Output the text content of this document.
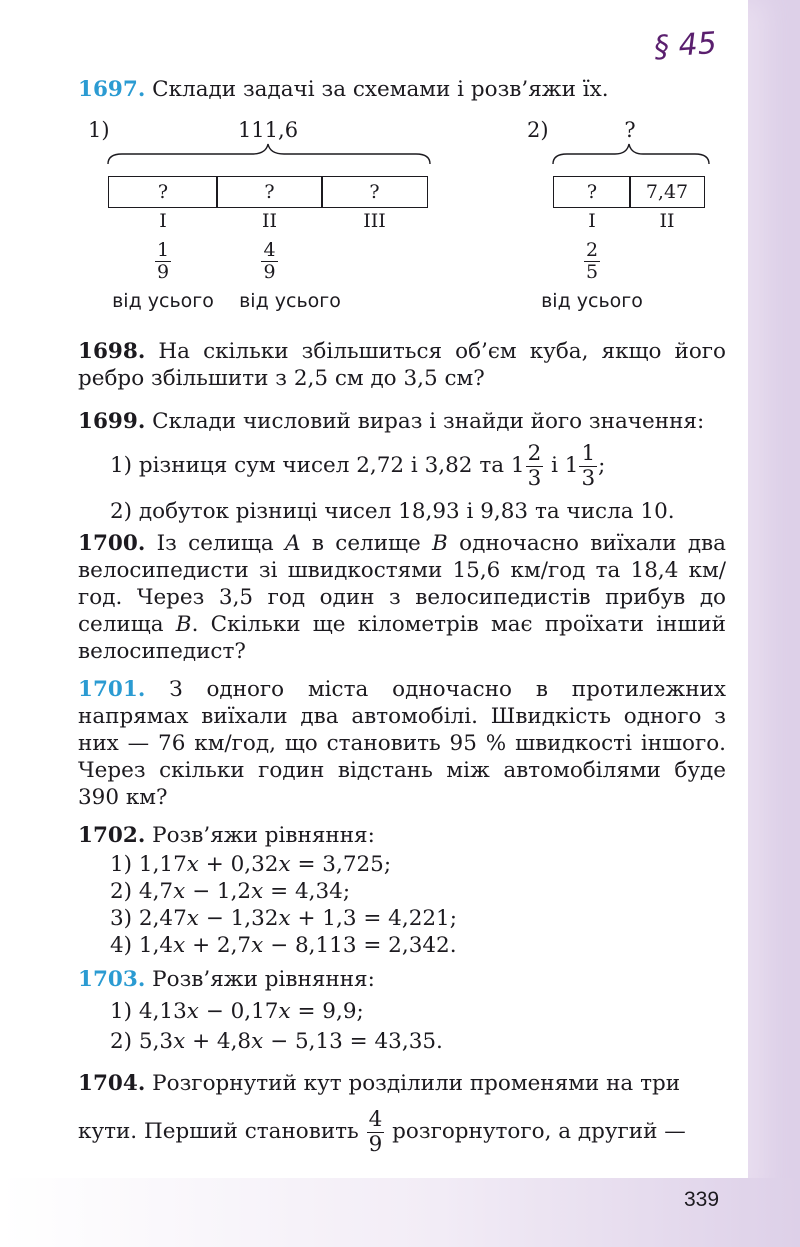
§ 45
1697. Склади задачі за схемами і розв’яжи їх.
1)	111,6
?	?	?
I	II	III
$\frac{1}{9}$	$\frac{4}{9}$
від усього	від усього
2)	?
?	7,47
I	II
$\frac{2}{5}$
від усього
1698. На скільки збільшиться об’єм куба, якщо його ребро збільшити з 2,5 см до 3,5 см?
1699. Склади числовий вираз і знайди його значення:
1) різниця сум чисел 2,72 і 3,82 та $1 \frac{2}{3}$ і $1 \frac{1}{3}$ ;
2) добуток різниці чисел 18,93 і 9,83 та числа 10.
1700. Із селища A в селище B одночасно виїхали два велосипедисти зі швидкостями 15,6 км/год та 18,4 км/год. Через 3,5 год один з велосипедистів прибув до селища B. Скільки ще кілометрів має проїхати інший велосипедист?
1701. З одного міста одночасно в протилежних напрямах виїхали два автомобілі. Швидкість одного з них — 76 км/год, що становить 95 % швидкості іншого. Через скільки годин відстань між автомобілями буде 390 км?
1702. Розв’яжи рівняння:
1) 1,17x + 0,32x = 3,725;
2) 4,7x − 1,2x = 4,34;
3) 2,47x − 1,32x + 1,3 = 4,221;
4) 1,4x + 2,7x − 8,113 = 2,342.
1703. Розв’яжи рівняння:
1) 4,13x − 0,17x = 9,9;
2) 5,3x + 4,8x − 5,13 = 43,35.
1704. Розгорнутий кут розділили променями на три
кути. Перший становить $\frac{4}{9}$ розгорнутого, а другий —
339
